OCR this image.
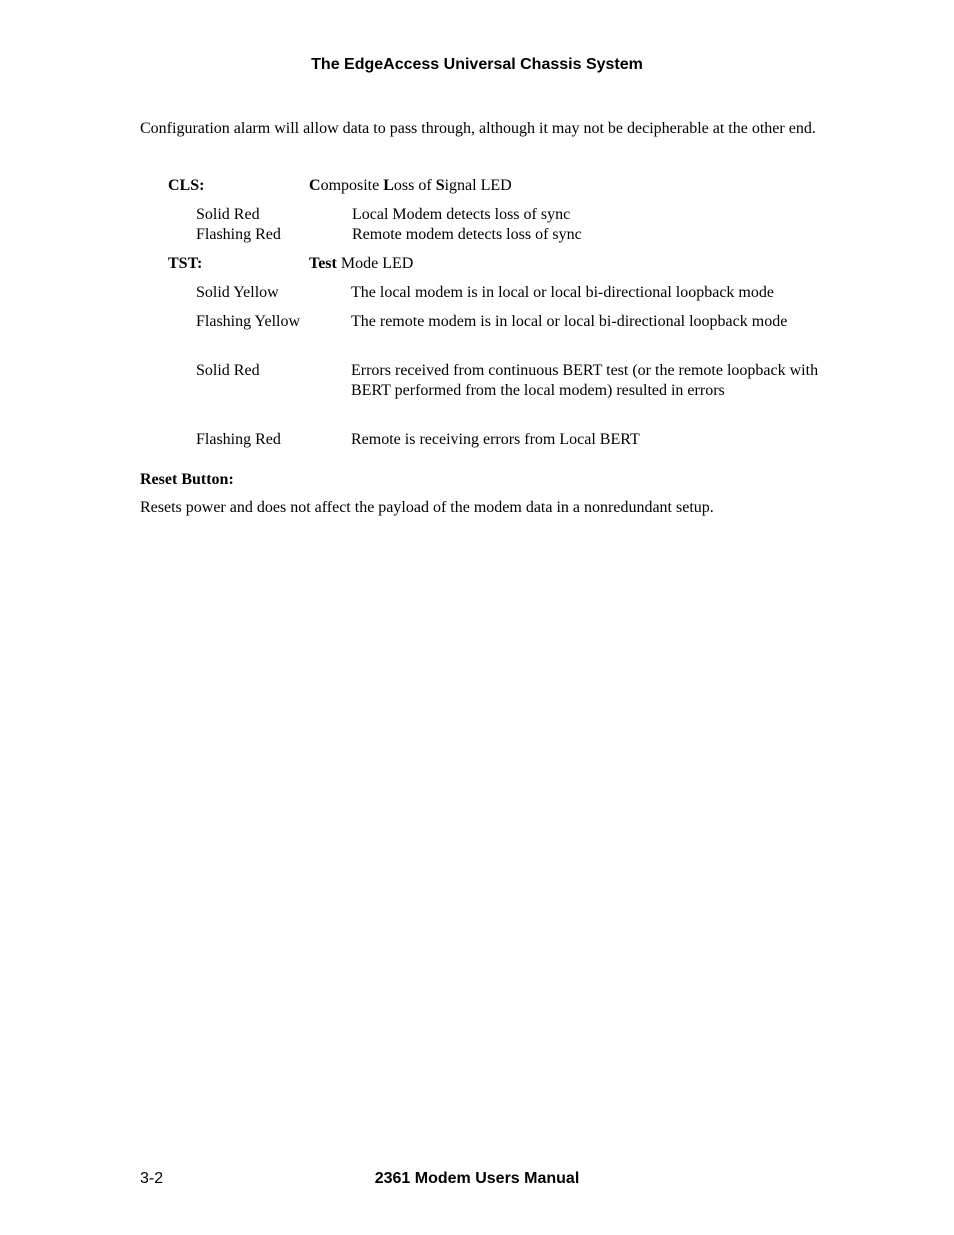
The EdgeAccess Universal Chassis System

Configuration alarm will allow data to pass through, although it may not be decipherable at the other end.

CLS:	Composite Loss of Signal LED
Solid Red	Local Modem detects loss of sync
Flashing Red	Remote modem detects loss of sync
TST:	Test Mode LED
Solid Yellow	The local modem is in local or local bi-directional loopback mode
Flashing Yellow	The remote modem is in local or local bi-directional loopback mode
Solid Red	Errors received from continuous BERT test (or the remote loopback with BERT performed from the local modem) resulted in errors
Flashing Red	Remote is receiving errors from Local BERT
Reset Button:

Resets power and does not affect the payload of the modem data in a nonredundant setup.

3-2	2361 Modem Users Manual
